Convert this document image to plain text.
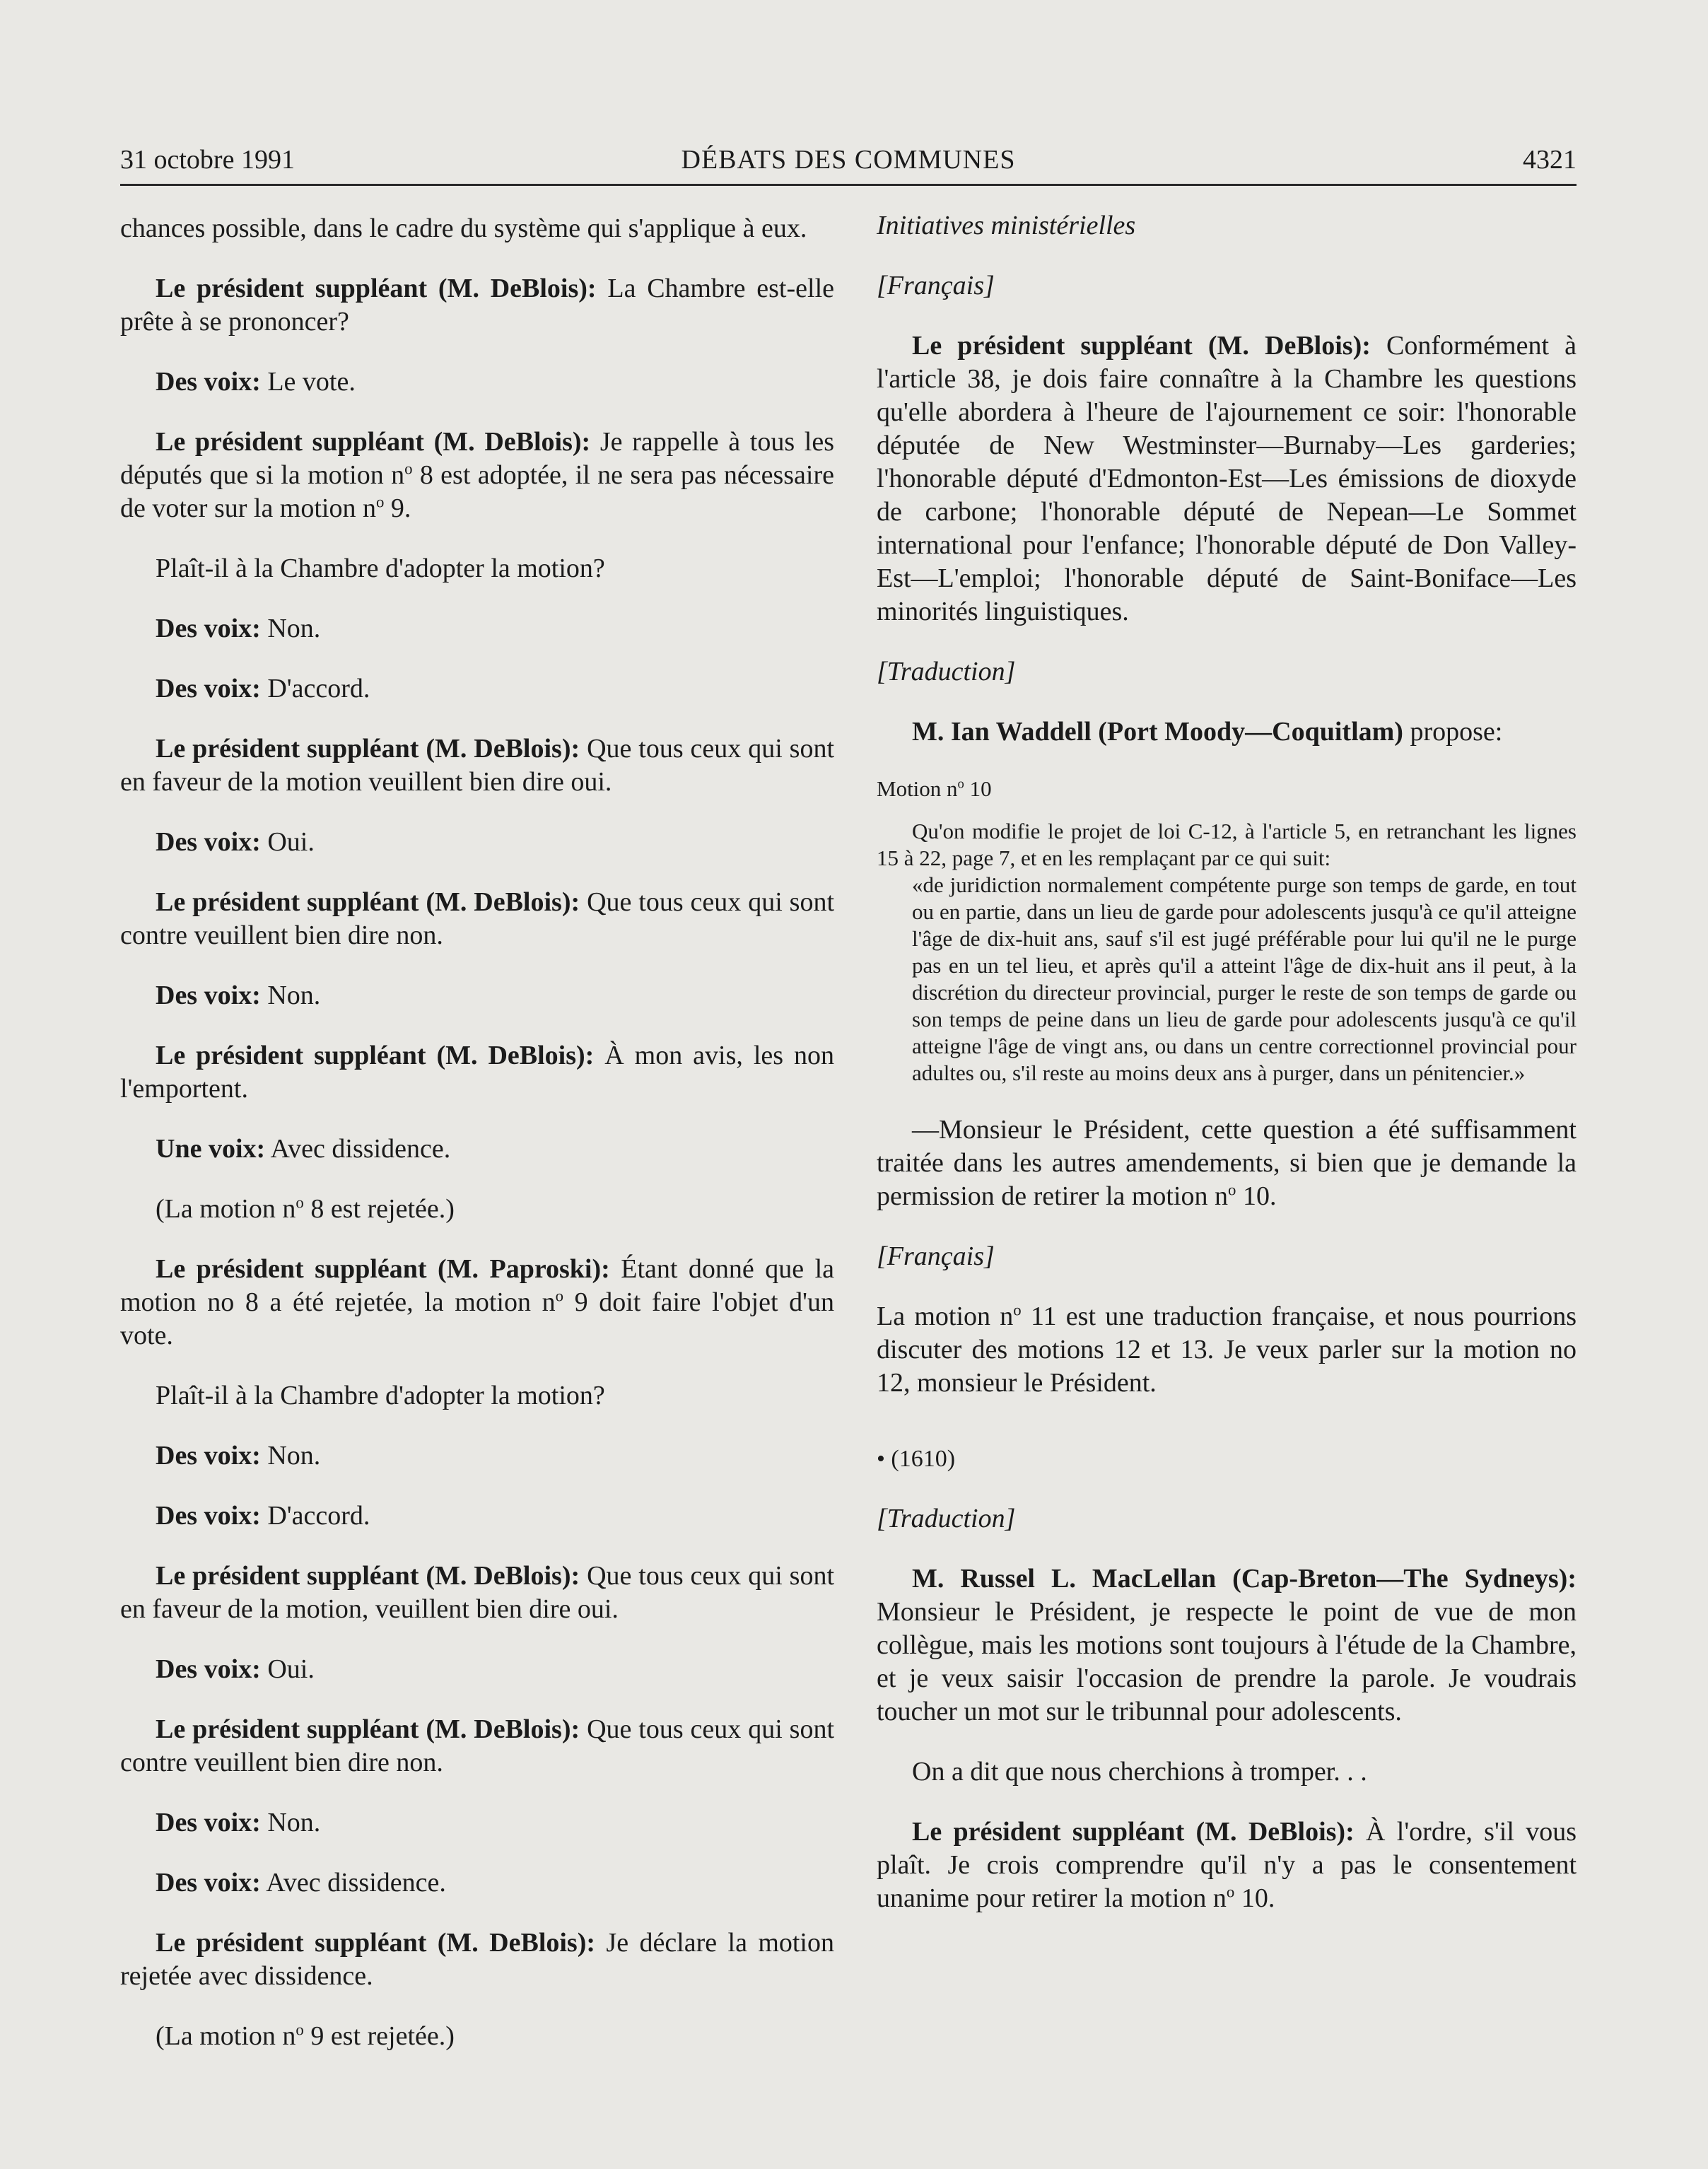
31 octobre 1991	DÉBATS DES COMMUNES	4321

chances possible, dans le cadre du système qui s'applique à eux.

Le président suppléant (M. DeBlois): La Chambre est-elle prête à se prononcer?

Des voix: Le vote.

Le président suppléant (M. DeBlois): Je rappelle à tous les députés que si la motion $n^o$ 8 est adoptée, il ne sera pas nécessaire de voter sur la motion $n^o$ 9.

Plaît-il à la Chambre d'adopter la motion?

Des voix: Non.

Des voix: D'accord.

Le président suppléant (M. DeBlois): Que tous ceux qui sont en faveur de la motion veuillent bien dire oui.

Des voix: Oui.

Le président suppléant (M. DeBlois): Que tous ceux qui sont contre veuillent bien dire non.

Des voix: Non.

Le président suppléant (M. DeBlois): À mon avis, les non l'emportent.

Une voix: Avec dissidence.

(La motion $n^o$ 8 est rejetée.)

Le président suppléant (M. Paproski): Étant donné que la motion no 8 a été rejetée, la motion $n^o$ 9 doit faire l'objet d'un vote.

Plaît-il à la Chambre d'adopter la motion?

Des voix: Non.

Des voix: D'accord.

Le président suppléant (M. DeBlois): Que tous ceux qui sont en faveur de la motion, veuillent bien dire oui.

Des voix: Oui.

Le président suppléant (M. DeBlois): Que tous ceux qui sont contre veuillent bien dire non.

Des voix: Non.

Des voix: Avec dissidence.

Le président suppléant (M. DeBlois): Je déclare la motion rejetée avec dissidence.

(La motion $n^o$ 9 est rejetée.)

Initiatives ministérielles

[Français]

Le président suppléant (M. DeBlois): Conformément à l'article 38, je dois faire connaître à la Chambre les questions qu'elle abordera à l'heure de l'ajournement ce soir: l'honorable députée de New Westminster—Burnaby—Les garderies; l'honorable député d'Edmonton-Est—Les émissions de dioxyde de carbone; l'honorable député de Nepean—Le Sommet international pour l'enfance; l'honorable député de Don Valley-Est—L'emploi; l'honorable député de Saint-Boniface—Les minorités linguistiques.

[Traduction]

M. Ian Waddell (Port Moody—Coquitlam) propose:

Motion $n^o$ 10

Qu'on modifie le projet de loi C-12, à l'article 5, en retranchant les lignes 15 à 22, page 7, et en les remplaçant par ce qui suit:

«de juridiction normalement compétente purge son temps de garde, en tout ou en partie, dans un lieu de garde pour adolescents jusqu'à ce qu'il atteigne l'âge de dix-huit ans, sauf s'il est jugé préférable pour lui qu'il ne le purge pas en un tel lieu, et après qu'il a atteint l'âge de dix-huit ans il peut, à la discrétion du directeur provincial, purger le reste de son temps de garde ou son temps de peine dans un lieu de garde pour adolescents jusqu'à ce qu'il atteigne l'âge de vingt ans, ou dans un centre correctionnel provincial pour adultes ou, s'il reste au moins deux ans à purger, dans un pénitencier.»

—Monsieur le Président, cette question a été suffisamment traitée dans les autres amendements, si bien que je demande la permission de retirer la motion $n^o$ 10.

[Français]

La motion $n^o$ 11 est une traduction française, et nous pourrions discuter des motions 12 et 13. Je veux parler sur la motion no 12, monsieur le Président.

• (1610)

[Traduction]

M. Russel L. MacLellan (Cap-Breton—The Sydneys): Monsieur le Président, je respecte le point de vue de mon collègue, mais les motions sont toujours à l'étude de la Chambre, et je veux saisir l'occasion de prendre la parole. Je voudrais toucher un mot sur le tribunnal pour adolescents.

On a dit que nous cherchions à tromper. . .

Le président suppléant (M. DeBlois): À l'ordre, s'il vous plaît. Je crois comprendre qu'il n'y a pas le consentement unanime pour retirer la motion $n^o$ 10.
